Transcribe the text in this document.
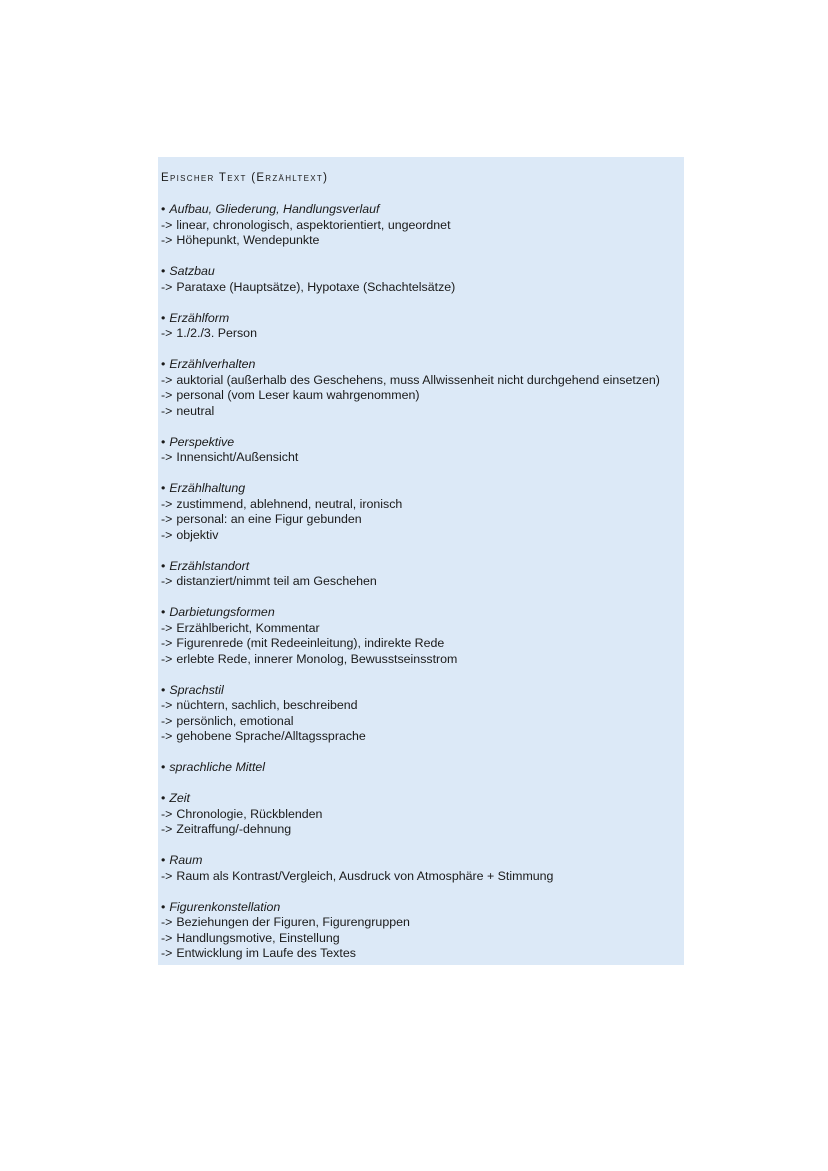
Epischer Text (Erzähltext)
• Aufbau, Gliederung, Handlungsverlauf
-> linear, chronologisch, aspektorientiert, ungeordnet
-> Höhepunkt, Wendepunkte
• Satzbau
-> Parataxe (Hauptsätze), Hypotaxe (Schachtelsätze)
• Erzählform
-> 1./2./3. Person
• Erzählverhalten
-> auktorial (außerhalb des Geschehens, muss Allwissenheit nicht durchgehend einsetzen)
-> personal (vom Leser kaum wahrgenommen)
-> neutral
• Perspektive
-> Innensicht/Außensicht
• Erzählhaltung
-> zustimmend, ablehnend, neutral, ironisch
-> personal: an eine Figur gebunden
-> objektiv
• Erzählstandort
-> distanziert/nimmt teil am Geschehen
• Darbietungsformen
-> Erzählbericht, Kommentar
-> Figurenrede (mit Redeeinleitung), indirekte Rede
-> erlebte Rede, innerer Monolog, Bewusstseinsstrom
• Sprachstil
-> nüchtern, sachlich, beschreibend
-> persönlich, emotional
-> gehobene Sprache/Alltagssprache
• sprachliche Mittel
• Zeit
-> Chronologie, Rückblenden
-> Zeitraffung/-dehnung
• Raum
-> Raum als Kontrast/Vergleich, Ausdruck von Atmosphäre + Stimmung
• Figurenkonstellation
-> Beziehungen der Figuren, Figurengruppen
-> Handlungsmotive, Einstellung
-> Entwicklung im Laufe des Textes
